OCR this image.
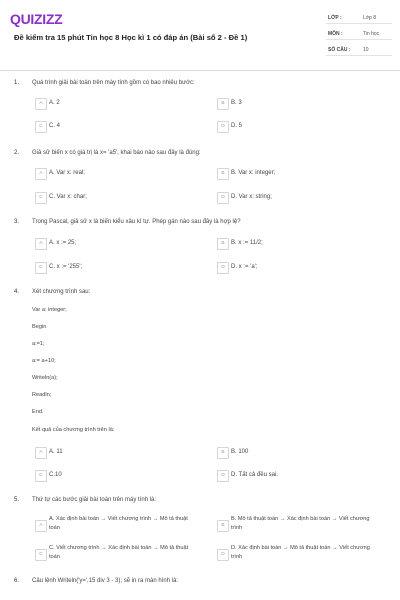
QUIZIZZ
Đề kiểm tra 15 phút Tin học 8 Học kì 1 có đáp án (Bài số 2 - Đề 1)
LỚP :	Lớp 8
MÔN :	Tin học
SỐ CÂU :	10
1. Quá trình giải bài toán trên máy tính gồm có bao nhiêu bước:
A	A. 2	B	B. 3
C	C. 4	D	D. 5
2. Giả sử biến x có giá trị là x= 'a5', khai báo nào sau đây là đúng:
A	A. Var x: real;	B	B. Var x: integer;
C	C. Var x: char;	D	D. Var x: string;
3. Trong Pascal, giả sử x là biến kiểu xâu kí tự. Phép gán nào sau đây là hợp lệ?
A	A. x := 25;	B	B. x := 11/2;
C	C. x := '255';	D	D. x := 'a';
4. Xét chương trình sau:
Var a: integer;
Begin
a:=1;
a:= a+10;
Writeln(a);
Readln;
End.
Kết quả của chương trình trên là:
A	A. 11	B	B. 100
C	C.10	D	D. Tất cả đều sai.
5. Thứ tự các bước giải bài toán trên máy tính là:
A
A. Xác định bài toán → Viết chương trình → Mô tả thuật toán	B
B. Mô tả thuật toán → Xác định bài toán → Viết chương trình
C
C. Viết chương trình → Xác định bài toán → Mô tả thuật toán	D
D. Xác định bài toán → Mô tả thuật toán → Viết chương trình
6. Câu lệnh Writeln('y=',15 div 3 - 3); sẽ in ra màn hình là:
